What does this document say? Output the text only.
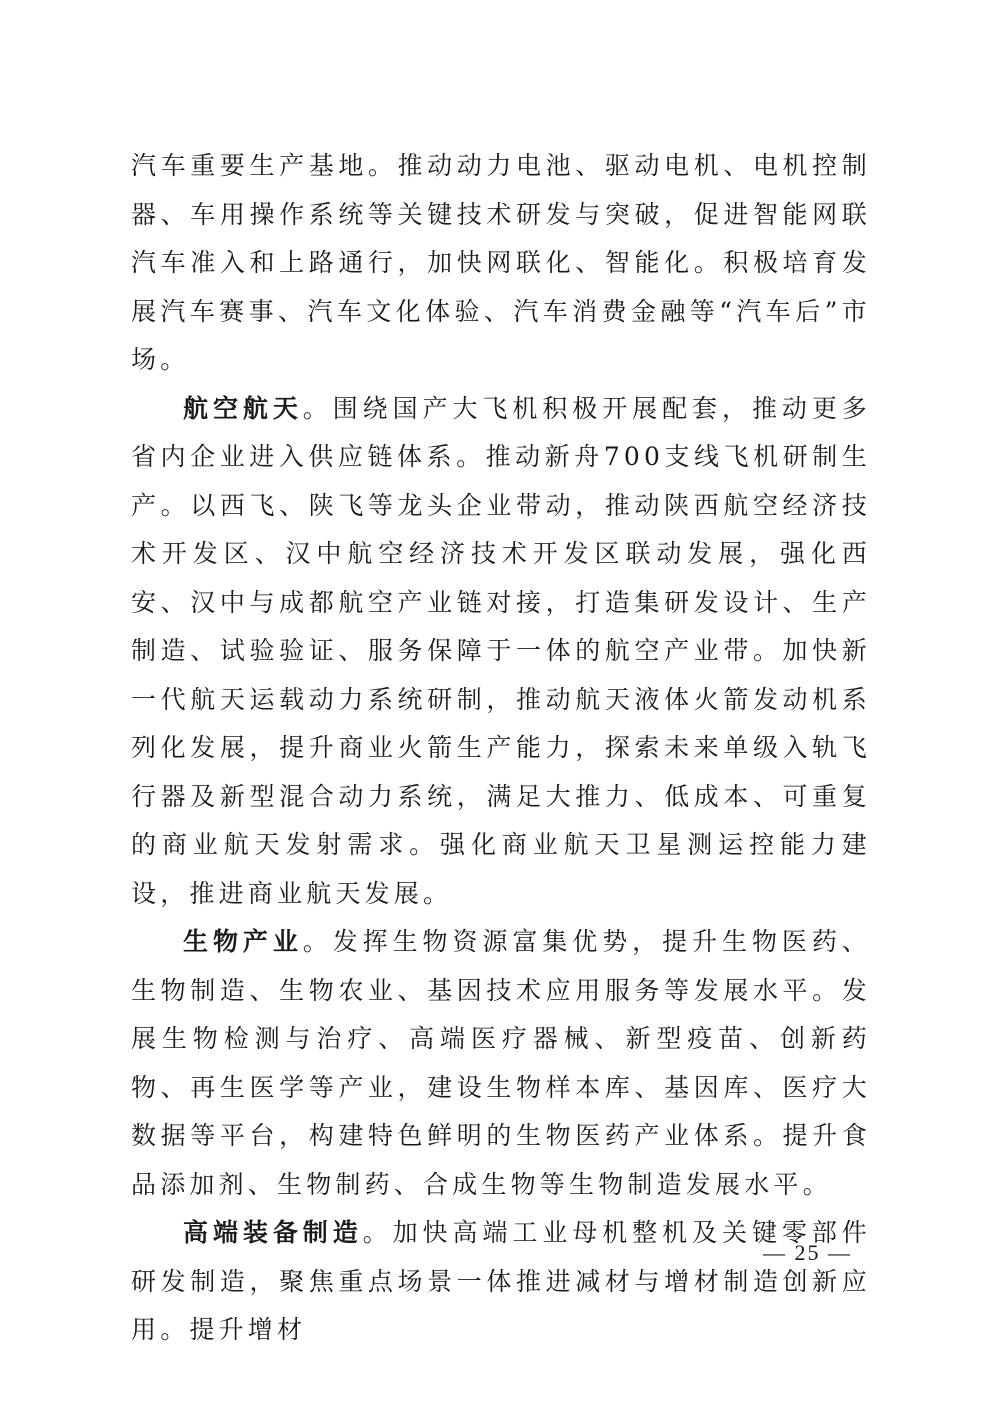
汽车重要生产基地。推动动力电池、驱动电机、电机控制器、车用操作系统等关键技术研发与突破，促进智能网联汽车准入和上路通行，加快网联化、智能化。积极培育发展汽车赛事、汽车文化体验、汽车消费金融等“汽车后”市场。

航空航天。围绕国产大飞机积极开展配套，推动更多省内企业进入供应链体系。推动新舟700支线飞机研制生产。以西飞、陕飞等龙头企业带动，推动陕西航空经济技术开发区、汉中航空经济技术开发区联动发展，强化西安、汉中与成都航空产业链对接，打造集研发设计、生产制造、试验验证、服务保障于一体的航空产业带。加快新一代航天运载动力系统研制，推动航天液体火箭发动机系列化发展，提升商业火箭生产能力，探索未来单级入轨飞行器及新型混合动力系统，满足大推力、低成本、可重复的商业航天发射需求。强化商业航天卫星测运控能力建设，推进商业航天发展。

生物产业。发挥生物资源富集优势，提升生物医药、生物制造、生物农业、基因技术应用服务等发展水平。发展生物检测与治疗、高端医疗器械、新型疫苗、创新药物、再生医学等产业，建设生物样本库、基因库、医疗大数据等平台，构建特色鲜明的生物医药产业体系。提升食品添加剂、生物制药、合成生物等生物制造发展水平。

高端装备制造。加快高端工业母机整机及关键零部件研发制造，聚焦重点场景一体推进减材与增材制造创新应用。提升增材

— 25 —
